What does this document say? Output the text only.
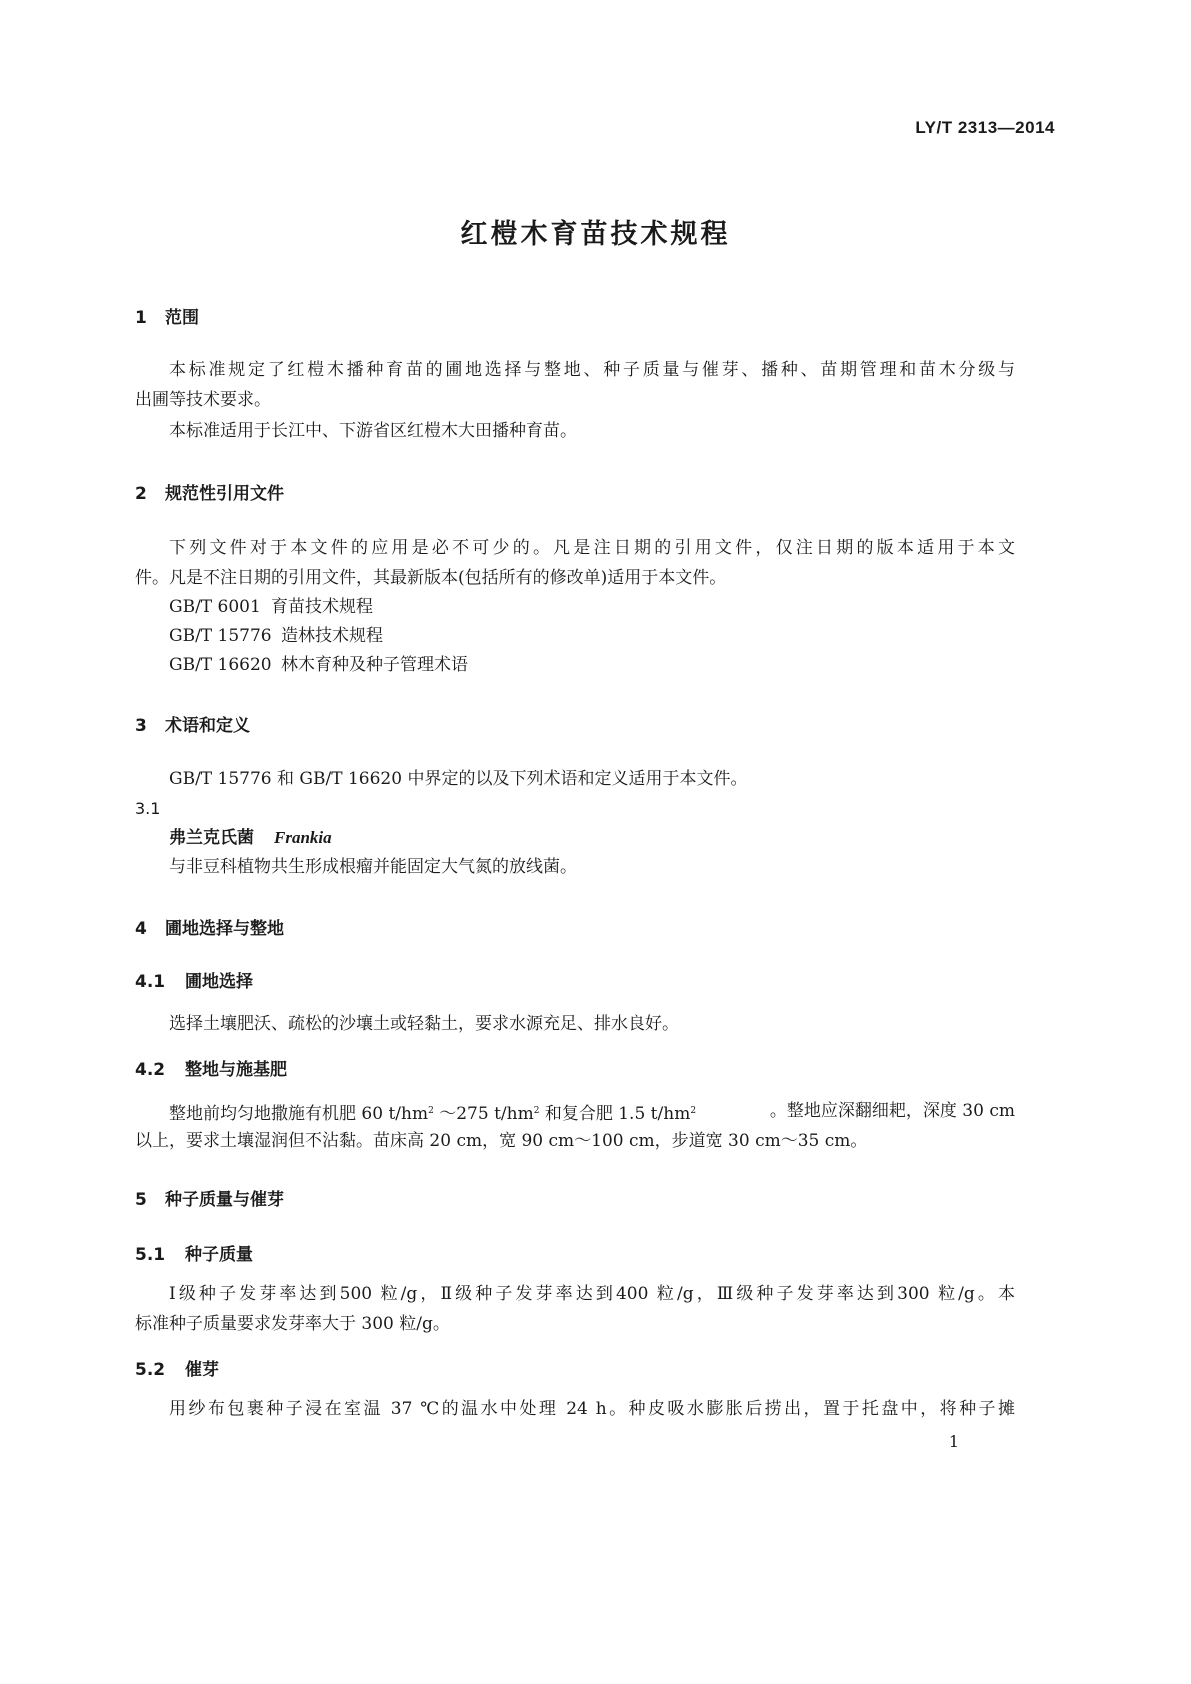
LY/T 2313—2014
红榿木育苗技术规程
1 范围
本标准规定了红榿木播种育苗的圃地选择与整地、种子质量与催芽、播种、苗期管理和苗木分级与
出圃等技术要求。
本标准适用于长江中、下游省区红榿木大田播种育苗。
2 规范性引用文件
下列文件对于本文件的应用是必不可少的。凡是注日期的引用文件，仅注日期的版本适用于本文
件。凡是不注日期的引用文件，其最新版本(包括所有的修改单)适用于本文件。
GB/T 6001 育苗技术规程
GB/T 15776 造林技术规程
GB/T 16620 林木育种及种子管理术语
3 术语和定义
GB/T 15776 和 GB/T 16620 中界定的以及下列术语和定义适用于本文件。
3.1
弗兰克氏菌 Frankia
与非豆科植物共生形成根瘤并能固定大气氮的放线菌。
4 圃地选择与整地
4.1 圃地选择
选择土壤肥沃、疏松的沙壤土或轻黏土，要求水源充足、排水良好。
4.2 整地与施基肥
整地前均匀地撒施有机肥 60 $t/hm^2$ ～275 $t/hm^2$ 和复合肥 1.5 $t/hm^2$	。整地应深翻细耙，深度 30 cm
以上，要求土壤湿润但不沾黏。苗床高 20 cm，宽 90 cm～100 cm，步道宽 30 cm～35 cm。
5 种子质量与催芽
5.1 种子质量
Ⅰ级种子发芽率达到500 粒/g，Ⅱ级种子发芽率达到400 粒/g，Ⅲ级种子发芽率达到300 粒/g。本
标准种子质量要求发芽率大于 300 粒/g。
5.2 催芽
用纱布包裹种子浸在室温 37 ℃的温水中处理 24 h。种皮吸水膨胀后捞出，置于托盘中，将种子摊
1
